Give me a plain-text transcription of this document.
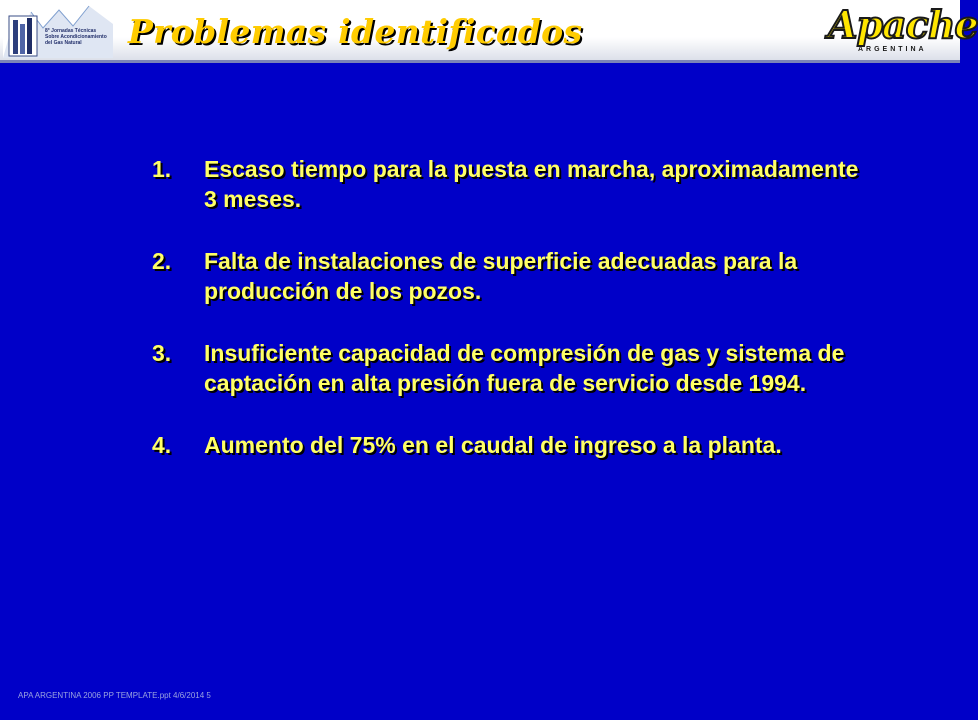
8° Jornadas Técnicas
Sobre Acondicionamiento
del Gas Natural	Problemas identificados	Apache
ARGENTINA
1.	Escaso tiempo para la puesta en marcha, aproximadamente 3 meses.
2.	Falta de instalaciones de superficie adecuadas para la producción de los pozos.
3.	Insuficiente capacidad de compresión de gas y sistema de captación en alta presión fuera de servicio desde 1994.
4.	Aumento del 75% en el caudal de ingreso a la planta.
APA ARGENTINA 2006 PP TEMPLATE.ppt 4/6/2014 5
